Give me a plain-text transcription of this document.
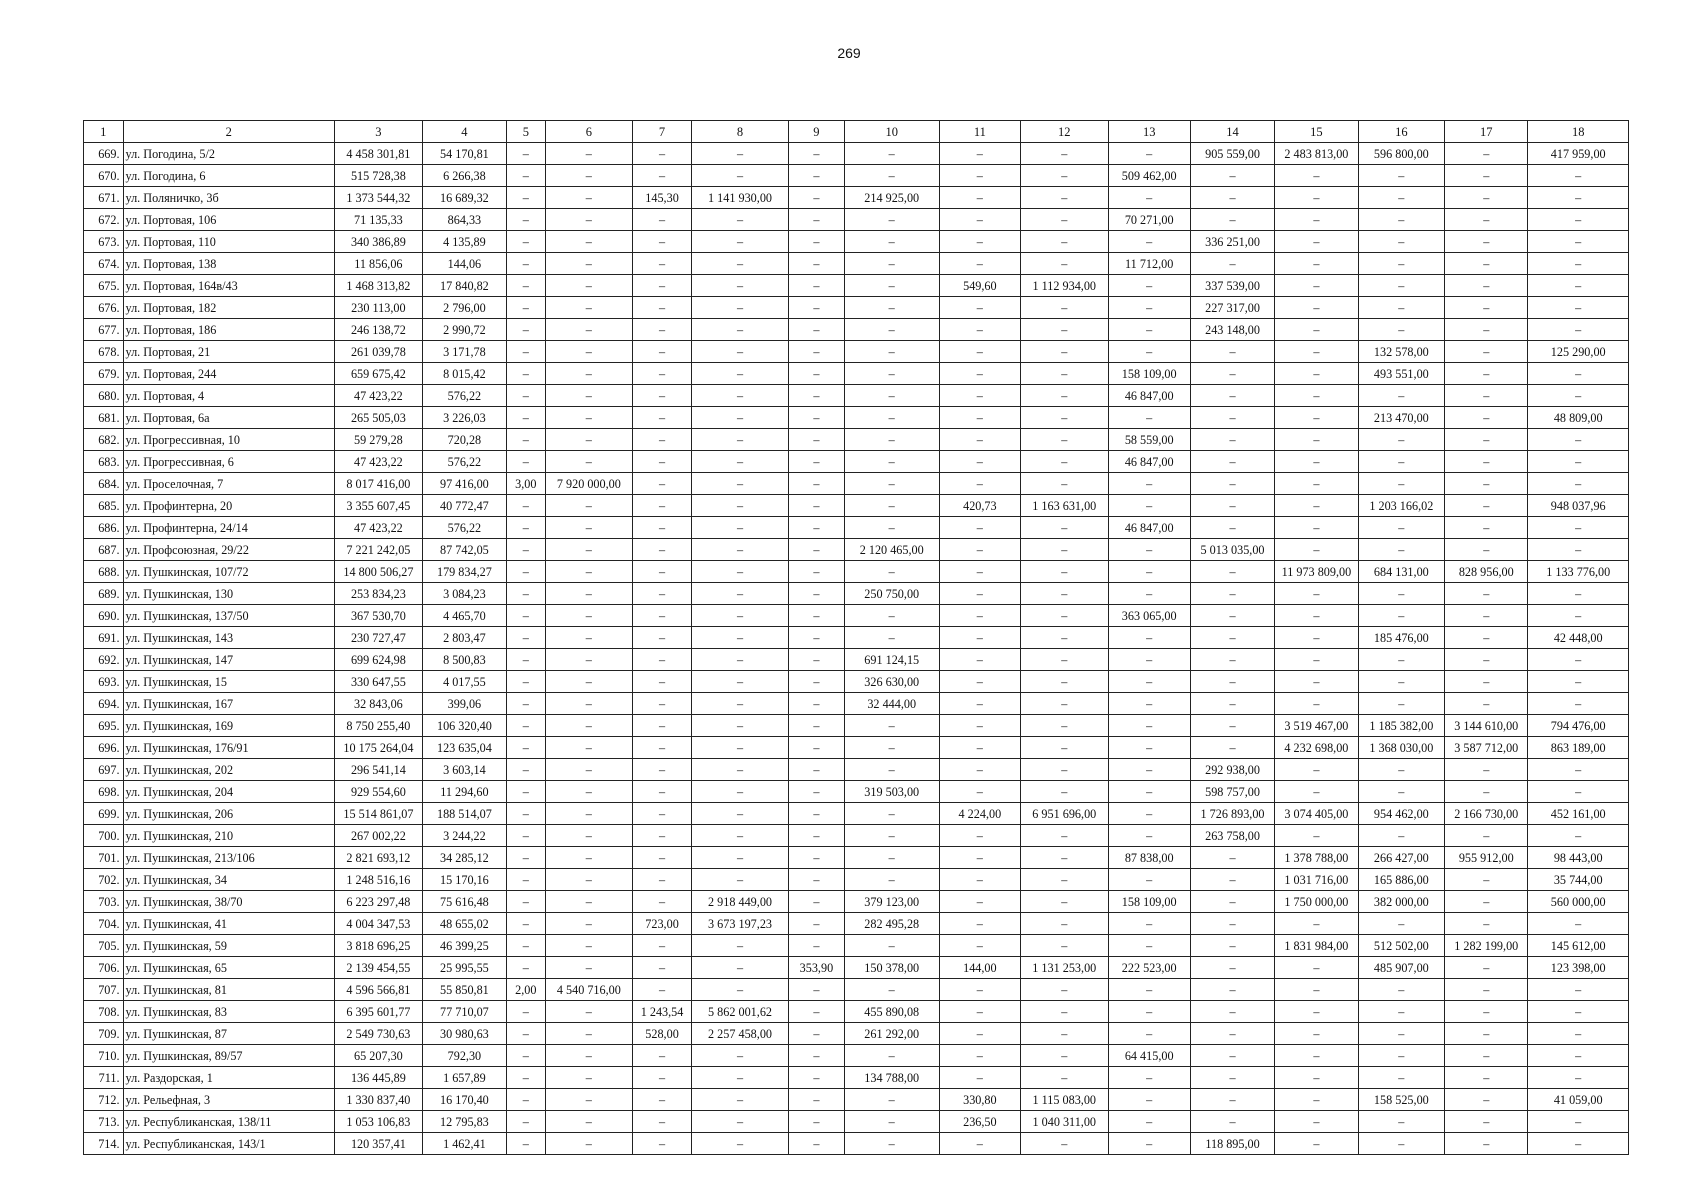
269
1	2	3	4	5	6	7	8	9	10	11	12	13	14	15	16	17	18
669.	ул. Погодина, 5/2	4 458 301,81	54 170,81	–	–	–	–	–	–	–	–	–	905 559,00	2 483 813,00	596 800,00	–	417 959,00
670.	ул. Погодина, 6	515 728,38	6 266,38	–	–	–	–	–	–	–	–	509 462,00	–	–	–	–	–
671.	ул. Поляничко, 3б	1 373 544,32	16 689,32	–	–	145,30	1 141 930,00	–	214 925,00	–	–	–	–	–	–	–	–
672.	ул. Портовая, 106	71 135,33	864,33	–	–	–	–	–	–	–	–	70 271,00	–	–	–	–	–
673.	ул. Портовая, 110	340 386,89	4 135,89	–	–	–	–	–	–	–	–	–	336 251,00	–	–	–	–
674.	ул. Портовая, 138	11 856,06	144,06	–	–	–	–	–	–	–	–	11 712,00	–	–	–	–	–
675.	ул. Портовая, 164в/43	1 468 313,82	17 840,82	–	–	–	–	–	–	549,60	1 112 934,00	–	337 539,00	–	–	–	–
676.	ул. Портовая, 182	230 113,00	2 796,00	–	–	–	–	–	–	–	–	–	227 317,00	–	–	–	–
677.	ул. Портовая, 186	246 138,72	2 990,72	–	–	–	–	–	–	–	–	–	243 148,00	–	–	–	–
678.	ул. Портовая, 21	261 039,78	3 171,78	–	–	–	–	–	–	–	–	–	–	–	132 578,00	–	125 290,00
679.	ул. Портовая, 244	659 675,42	8 015,42	–	–	–	–	–	–	–	–	158 109,00	–	–	493 551,00	–	–
680.	ул. Портовая, 4	47 423,22	576,22	–	–	–	–	–	–	–	–	46 847,00	–	–	–	–	–
681.	ул. Портовая, 6а	265 505,03	3 226,03	–	–	–	–	–	–	–	–	–	–	–	213 470,00	–	48 809,00
682.	ул. Прогрессивная, 10	59 279,28	720,28	–	–	–	–	–	–	–	–	58 559,00	–	–	–	–	–
683.	ул. Прогрессивная, 6	47 423,22	576,22	–	–	–	–	–	–	–	–	46 847,00	–	–	–	–	–
684.	ул. Проселочная, 7	8 017 416,00	97 416,00	3,00	7 920 000,00	–	–	–	–	–	–	–	–	–	–	–	–
685.	ул. Профинтерна, 20	3 355 607,45	40 772,47	–	–	–	–	–	–	420,73	1 163 631,00	–	–	–	1 203 166,02	–	948 037,96
686.	ул. Профинтерна, 24/14	47 423,22	576,22	–	–	–	–	–	–	–	–	46 847,00	–	–	–	–	–
687.	ул. Профсоюзная, 29/22	7 221 242,05	87 742,05	–	–	–	–	–	2 120 465,00	–	–	–	5 013 035,00	–	–	–	–
688.	ул. Пушкинская, 107/72	14 800 506,27	179 834,27	–	–	–	–	–	–	–	–	–	–	11 973 809,00	684 131,00	828 956,00	1 133 776,00
689.	ул. Пушкинская, 130	253 834,23	3 084,23	–	–	–	–	–	250 750,00	–	–	–	–	–	–	–	–
690.	ул. Пушкинская, 137/50	367 530,70	4 465,70	–	–	–	–	–	–	–	–	363 065,00	–	–	–	–	–
691.	ул. Пушкинская, 143	230 727,47	2 803,47	–	–	–	–	–	–	–	–	–	–	–	185 476,00	–	42 448,00
692.	ул. Пушкинская, 147	699 624,98	8 500,83	–	–	–	–	–	691 124,15	–	–	–	–	–	–	–	–
693.	ул. Пушкинская, 15	330 647,55	4 017,55	–	–	–	–	–	326 630,00	–	–	–	–	–	–	–	–
694.	ул. Пушкинская, 167	32 843,06	399,06	–	–	–	–	–	32 444,00	–	–	–	–	–	–	–	–
695.	ул. Пушкинская, 169	8 750 255,40	106 320,40	–	–	–	–	–	–	–	–	–	–	3 519 467,00	1 185 382,00	3 144 610,00	794 476,00
696.	ул. Пушкинская, 176/91	10 175 264,04	123 635,04	–	–	–	–	–	–	–	–	–	–	4 232 698,00	1 368 030,00	3 587 712,00	863 189,00
697.	ул. Пушкинская, 202	296 541,14	3 603,14	–	–	–	–	–	–	–	–	–	292 938,00	–	–	–	–
698.	ул. Пушкинская, 204	929 554,60	11 294,60	–	–	–	–	–	319 503,00	–	–	–	598 757,00	–	–	–	–
699.	ул. Пушкинская, 206	15 514 861,07	188 514,07	–	–	–	–	–	–	4 224,00	6 951 696,00	–	1 726 893,00	3 074 405,00	954 462,00	2 166 730,00	452 161,00
700.	ул. Пушкинская, 210	267 002,22	3 244,22	–	–	–	–	–	–	–	–	–	263 758,00	–	–	–	–
701.	ул. Пушкинская, 213/106	2 821 693,12	34 285,12	–	–	–	–	–	–	–	–	87 838,00	–	1 378 788,00	266 427,00	955 912,00	98 443,00
702.	ул. Пушкинская, 34	1 248 516,16	15 170,16	–	–	–	–	–	–	–	–	–	–	1 031 716,00	165 886,00	–	35 744,00
703.	ул. Пушкинская, 38/70	6 223 297,48	75 616,48	–	–	–	2 918 449,00	–	379 123,00	–	–	158 109,00	–	1 750 000,00	382 000,00	–	560 000,00
704.	ул. Пушкинская, 41	4 004 347,53	48 655,02	–	–	723,00	3 673 197,23	–	282 495,28	–	–	–	–	–	–	–	–
705.	ул. Пушкинская, 59	3 818 696,25	46 399,25	–	–	–	–	–	–	–	–	–	–	1 831 984,00	512 502,00	1 282 199,00	145 612,00
706.	ул. Пушкинская, 65	2 139 454,55	25 995,55	–	–	–	–	353,90	150 378,00	144,00	1 131 253,00	222 523,00	–	–	485 907,00	–	123 398,00
707.	ул. Пушкинская, 81	4 596 566,81	55 850,81	2,00	4 540 716,00	–	–	–	–	–	–	–	–	–	–	–	–
708.	ул. Пушкинская, 83	6 395 601,77	77 710,07	–	–	1 243,54	5 862 001,62	–	455 890,08	–	–	–	–	–	–	–	–
709.	ул. Пушкинская, 87	2 549 730,63	30 980,63	–	–	528,00	2 257 458,00	–	261 292,00	–	–	–	–	–	–	–	–
710.	ул. Пушкинская, 89/57	65 207,30	792,30	–	–	–	–	–	–	–	–	64 415,00	–	–	–	–	–
711.	ул. Раздорская, 1	136 445,89	1 657,89	–	–	–	–	–	134 788,00	–	–	–	–	–	–	–	–
712.	ул. Рельефная, 3	1 330 837,40	16 170,40	–	–	–	–	–	–	330,80	1 115 083,00	–	–	–	158 525,00	–	41 059,00
713.	ул. Республиканская, 138/11	1 053 106,83	12 795,83	–	–	–	–	–	–	236,50	1 040 311,00	–	–	–	–	–	–
714.	ул. Республиканская, 143/1	120 357,41	1 462,41	–	–	–	–	–	–	–	–	–	118 895,00	–	–	–	–
